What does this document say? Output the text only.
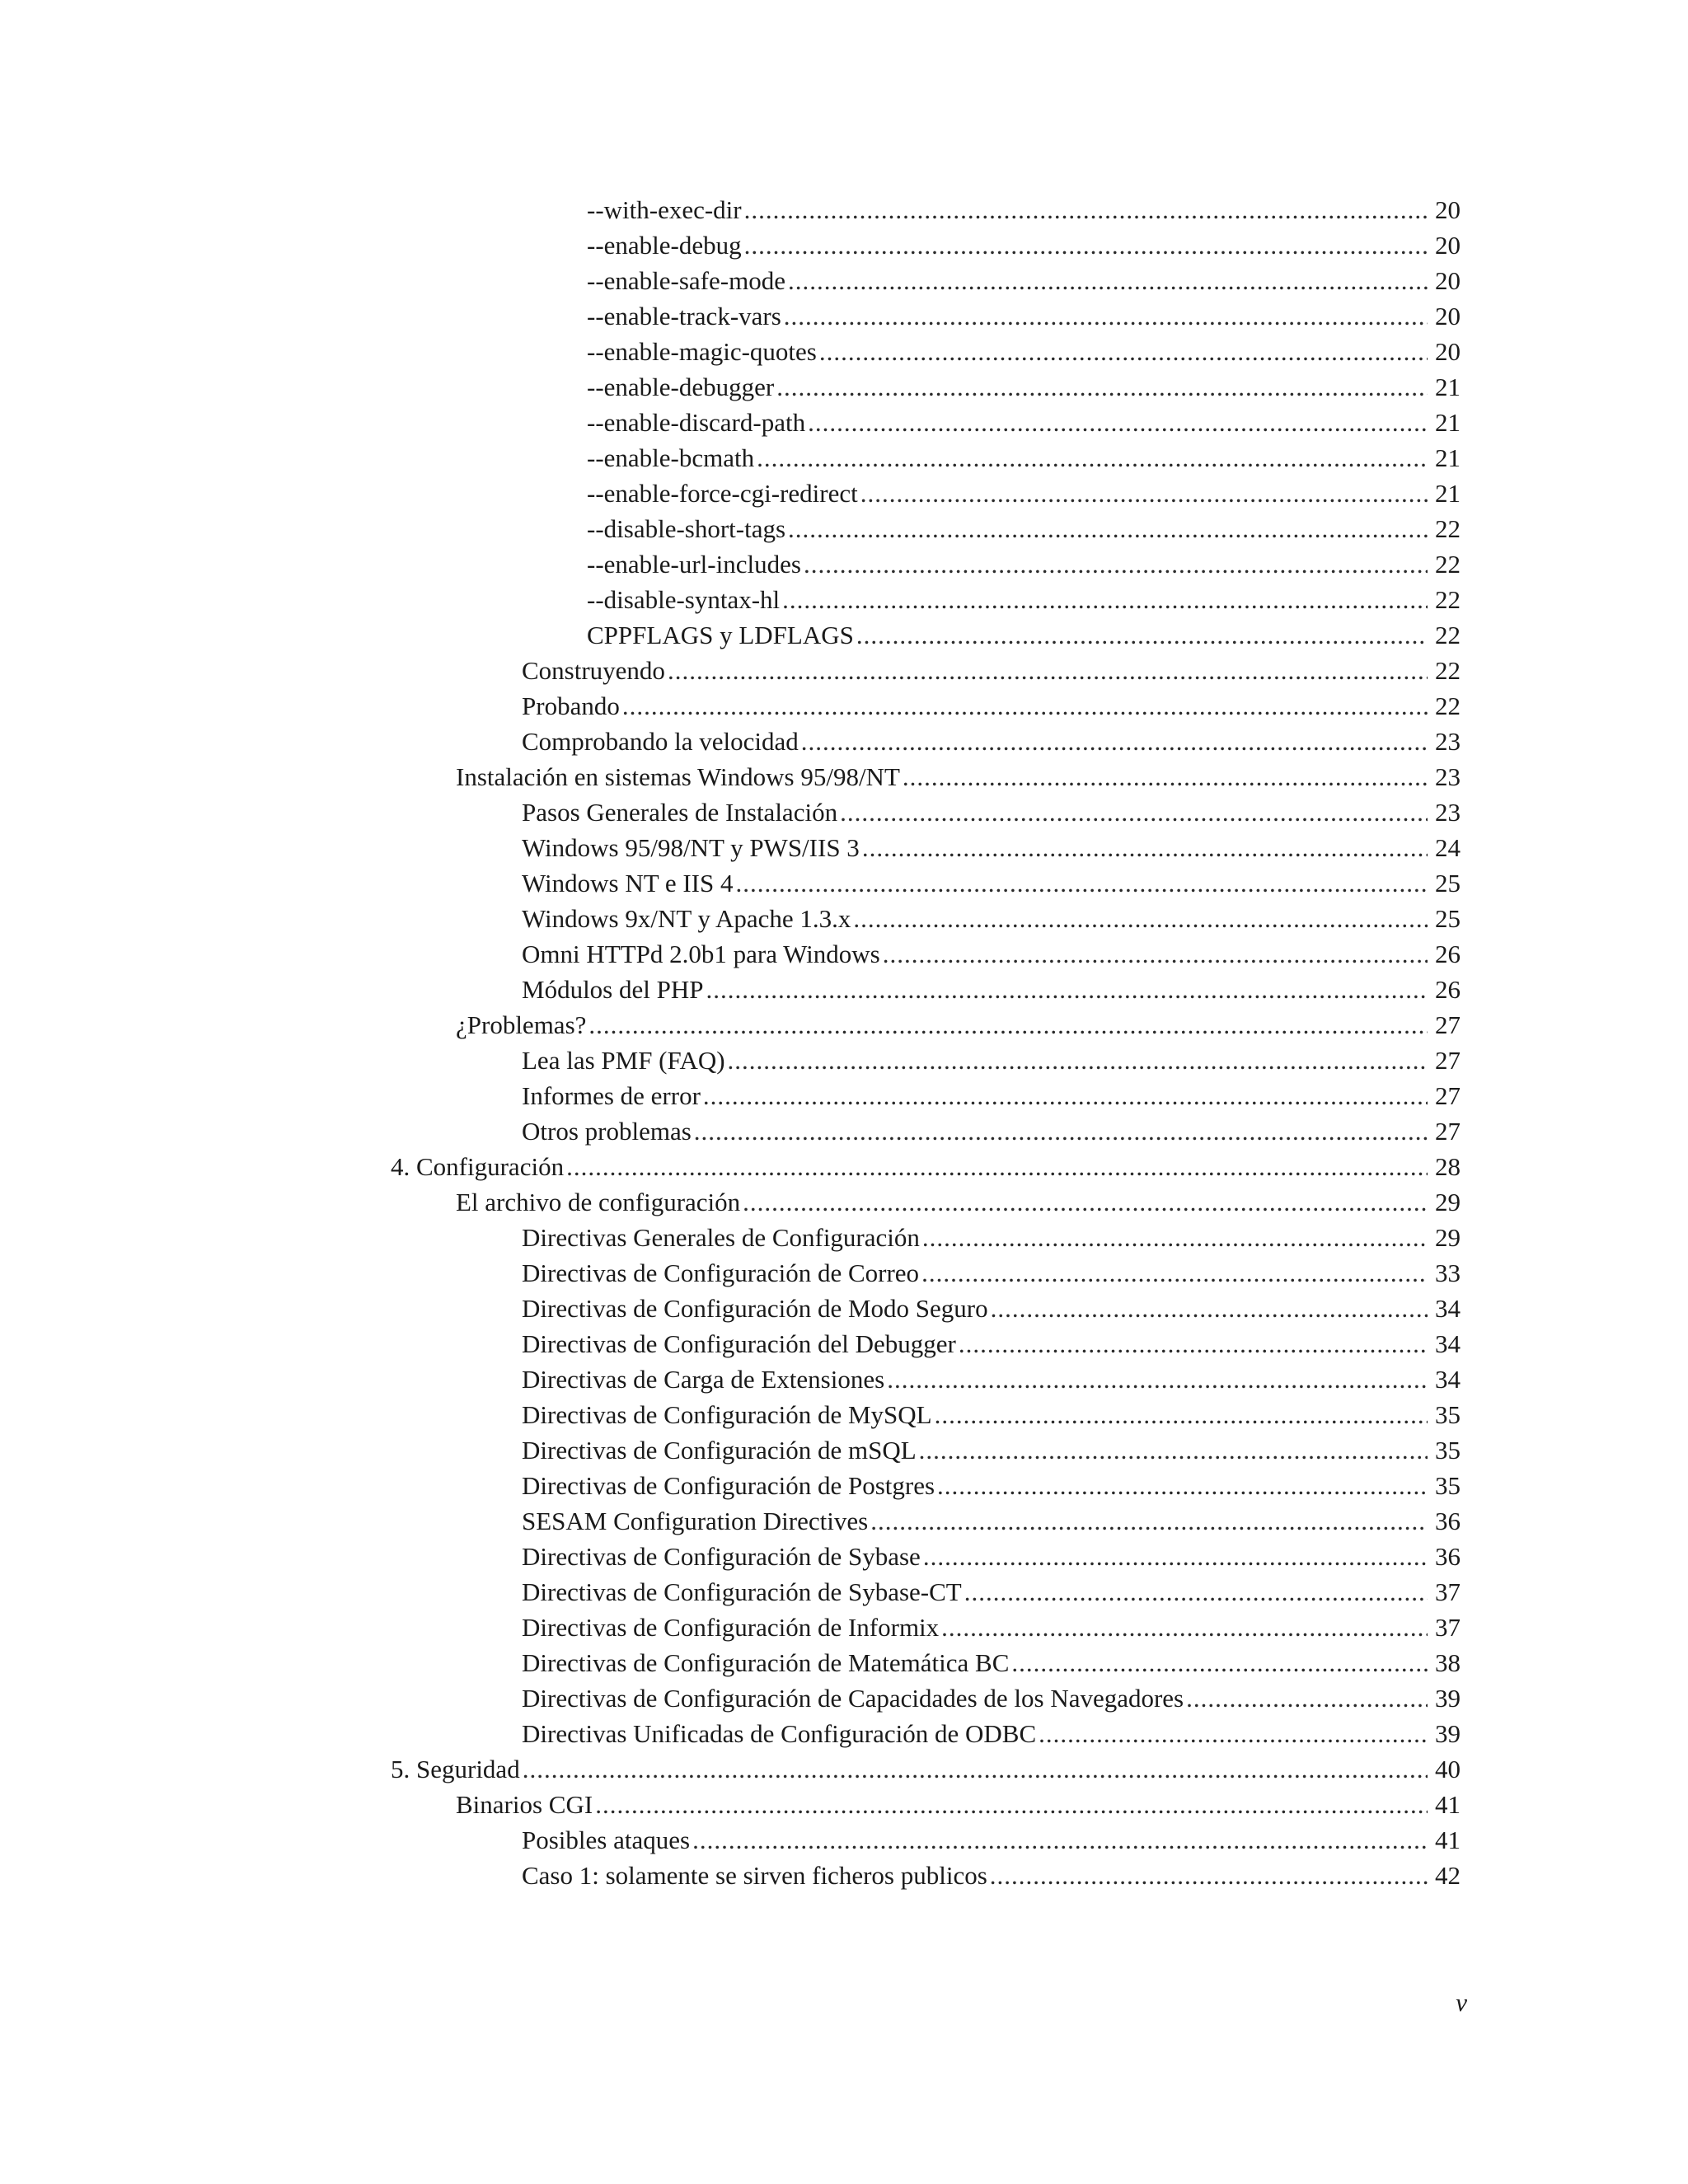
--with-exec-dir .....	20
--enable-debug .....	20
--enable-safe-mode .....	20
--enable-track-vars .....	20
--enable-magic-quotes .....	20
--enable-debugger .....	21
--enable-discard-path .....	21
--enable-bcmath .....	21
--enable-force-cgi-redirect .....	21
--disable-short-tags .....	22
--enable-url-includes .....	22
--disable-syntax-hl .....	22
CPPFLAGS y LDFLAGS .....	22
Construyendo .....	22
Probando .....	22
Comprobando la velocidad .....	23
Instalación en sistemas Windows 95/98/NT .....	23
Pasos Generales de Instalación .....	23
Windows 95/98/NT y PWS/IIS 3 .....	24
Windows NT e IIS 4 .....	25
Windows 9x/NT y Apache 1.3.x .....	25
Omni HTTPd 2.0b1 para Windows .....	26
Módulos del PHP .....	26
¿Problemas? .....	27
Lea las PMF (FAQ) .....	27
Informes de error .....	27
Otros problemas .....	27
4. Configuración .....	28
El archivo de configuración .....	29
Directivas Generales de Configuración .....	29
Directivas de Configuración de Correo .....	33
Directivas de Configuración de Modo Seguro .....	34
Directivas de Configuración del Debugger .....	34
Directivas de Carga de Extensiones .....	34
Directivas de Configuración de MySQL .....	35
Directivas de Configuración de mSQL .....	35
Directivas de Configuración de Postgres .....	35
SESAM Configuration Directives .....	36
Directivas de Configuración de Sybase .....	36
Directivas de Configuración de Sybase-CT .....	37
Directivas de Configuración de Informix .....	37
Directivas de Configuración de Matemática BC .....	38
Directivas de Configuración de Capacidades de los Navegadores .....	39
Directivas Unificadas de Configuración de ODBC .....	39
5. Seguridad .....	40
Binarios CGI .....	41
Posibles ataques .....	41
Caso 1: solamente se sirven ficheros publicos .....	42
v
